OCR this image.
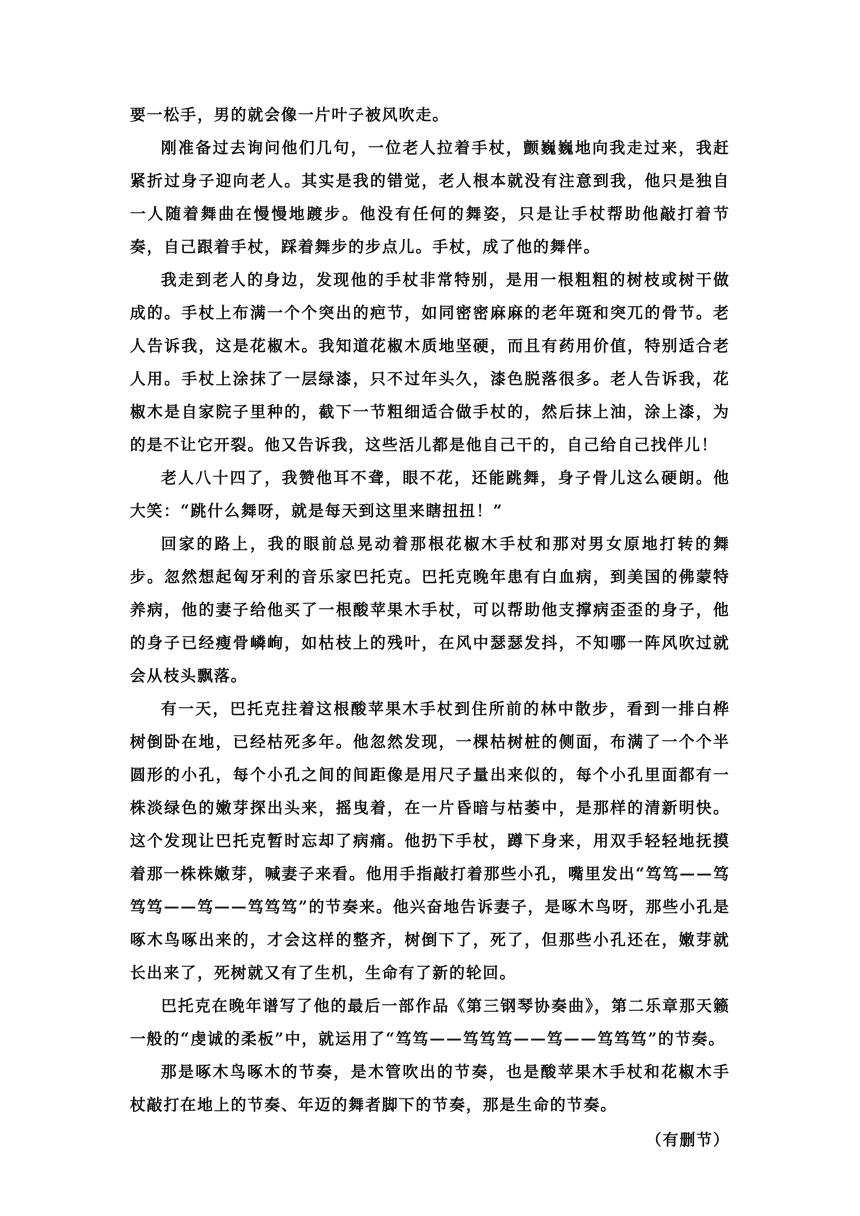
要一松手，男的就会像一片叶子被风吹走。

刚准备过去询问他们几句，一位老人拉着手杖，颤巍巍地向我走过来，我赶紧折过身子迎向老人。其实是我的错觉，老人根本就没有注意到我，他只是独自一人随着舞曲在慢慢地踱步。他没有任何的舞姿，只是让手杖帮助他敲打着节奏，自己跟着手杖，踩着舞步的步点儿。手杖，成了他的舞伴。

我走到老人的身边，发现他的手杖非常特别，是用一根粗粗的树枝或树干做成的。手杖上布满一个个突出的疤节，如同密密麻麻的老年斑和突兀的骨节。老人告诉我，这是花椒木。我知道花椒木质地坚硬，而且有药用价值，特别适合老人用。手杖上涂抹了一层绿漆，只不过年头久，漆色脱落很多。老人告诉我，花椒木是自家院子里种的，截下一节粗细适合做手杖的，然后抹上油，涂上漆，为的是不让它开裂。他又告诉我，这些活儿都是他自己干的，自己给自己找伴儿！

老人八十四了，我赞他耳不聋，眼不花，还能跳舞，身子骨儿这么硬朗。他大笑：“跳什么舞呀，就是每天到这里来瞎扭扭！”

回家的路上，我的眼前总晃动着那根花椒木手杖和那对男女原地打转的舞步。忽然想起匈牙利的音乐家巴托克。巴托克晚年患有白血病，到美国的佛蒙特养病，他的妻子给他买了一根酸苹果木手杖，可以帮助他支撑病歪歪的身子，他的身子已经瘦骨嶙峋，如枯枝上的残叶，在风中瑟瑟发抖，不知哪一阵风吹过就会从枝头飘落。

有一天，巴托克拄着这根酸苹果木手杖到住所前的林中散步，看到一排白桦树倒卧在地，已经枯死多年。他忽然发现，一棵枯树桩的侧面，布满了一个个半圆形的小孔，每个小孔之间的间距像是用尺子量出来似的，每个小孔里面都有一株淡绿色的嫩芽探出头来，摇曳着，在一片昏暗与枯萎中，是那样的清新明快。这个发现让巴托克暂时忘却了病痛。他扔下手杖，蹲下身来，用双手轻轻地抚摸着那一株株嫩芽，喊妻子来看。他用手指敲打着那些小孔，嘴里发出“笃笃——笃笃笃——笃——笃笃笃”的节奏来。他兴奋地告诉妻子，是啄木鸟呀，那些小孔是啄木鸟啄出来的，才会这样的整齐，树倒下了，死了，但那些小孔还在，嫩芽就长出来了，死树就又有了生机，生命有了新的轮回。

巴托克在晚年谱写了他的最后一部作品《第三钢琴协奏曲》，第二乐章那天籁一般的“虔诚的柔板”中，就运用了“笃笃——笃笃笃——笃——笃笃笃”的节奏。

那是啄木鸟啄木的节奏，是木管吹出的节奏，也是酸苹果木手杖和花椒木手杖敲打在地上的节奏、年迈的舞者脚下的节奏，那是生命的节奏。

（有删节）
